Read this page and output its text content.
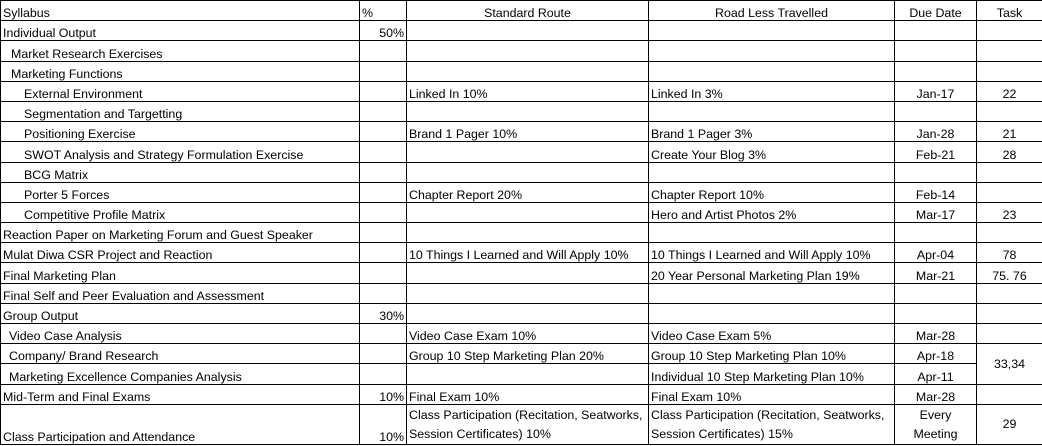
Syllabus	%	Standard Route	Road Less Travelled	Due Date	Task
Individual Output	50%				
Market Research Exercises					
Marketing Functions					
External Environment		Linked In 10%	Linked In 3%	Jan-17	22
Segmentation and Targetting					
Positioning Exercise		Brand 1 Pager 10%	Brand 1 Pager 3%	Jan-28	21
SWOT Analysis and Strategy Formulation Exercise			Create Your Blog 3%	Feb-21	28
BCG Matrix					
Porter 5 Forces		Chapter Report 20%	Chapter Report 10%	Feb-14	
Competitive Profile Matrix			Hero and Artist Photos 2%	Mar-17	23
Reaction Paper on Marketing Forum and Guest Speaker					
Mulat Diwa CSR Project and Reaction		10 Things I Learned and Will Apply 10%	10 Things I Learned and Will Apply 10%	Apr-04	78
Final Marketing Plan			20 Year Personal Marketing Plan 19%	Mar-21	75. 76
Final Self and Peer Evaluation and Assessment					
Group Output	30%				
Video Case Analysis		Video Case Exam 10%	Video Case Exam 5%	Mar-28	
Company/ Brand Research		Group 10 Step Marketing Plan 20%	Group 10 Step Marketing Plan 10%	Apr-18	33,34
Marketing Excellence Companies Analysis			Individual 10 Step Marketing Plan 10%	Apr-11	
Mid-Term and Final Exams	10%	Final Exam 10%	Final Exam 10%	Mar-28	
Class Participation and Attendance	10%	Class Participation (Recitation, Seatworks, Session Certificates) 10%	Class Participation (Recitation, Seatworks, Session Certificates) 15%	Every Meeting	29
